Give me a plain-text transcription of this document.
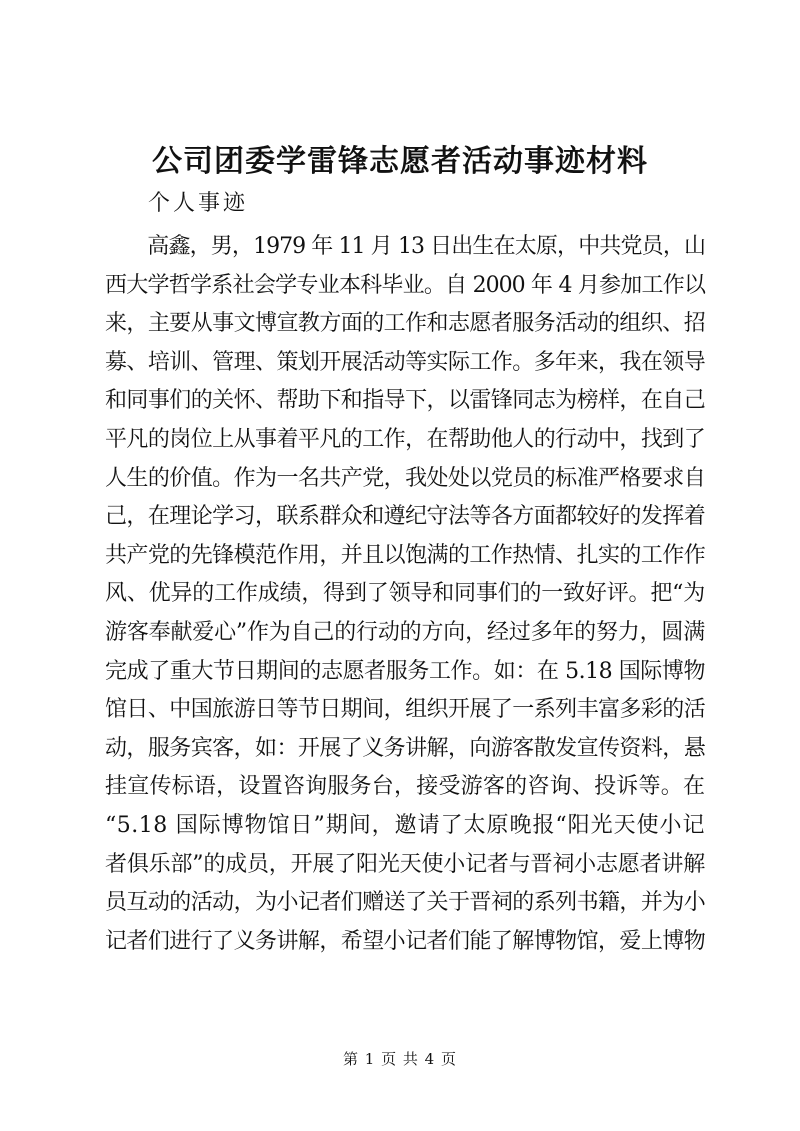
公司团委学雷锋志愿者活动事迹材料
个人事迹
　　高鑫，男，1979 年 11 月 13 日出生在太原，中共党员，山
西大学哲学系社会学专业本科毕业。自 2000 年 4 月参加工作以
来，主要从事文博宣教方面的工作和志愿者服务活动的组织、招
募、培训、管理、策划开展活动等实际工作。多年来，我在领导
和同事们的关怀、帮助下和指导下，以雷锋同志为榜样，在自己
平凡的岗位上从事着平凡的工作，在帮助他人的行动中，找到了
人生的价值。作为一名共产党，我处处以党员的标准严格要求自
己，在理论学习，联系群众和遵纪守法等各方面都较好的发挥着
共产党的先锋模范作用，并且以饱满的工作热情、扎实的工作作
风、优异的工作成绩，得到了领导和同事们的一致好评。把“为
游客奉献爱心”作为自己的行动的方向，经过多年的努力，圆满
完成了重大节日期间的志愿者服务工作。如：在 5.18 国际博物
馆日、中国旅游日等节日期间，组织开展了一系列丰富多彩的活
动，服务宾客，如：开展了义务讲解，向游客散发宣传资料，悬
挂宣传标语，设置咨询服务台，接受游客的咨询、投诉等。在
“5.18 国际博物馆日”期间，邀请了太原晚报“阳光天使小记
者俱乐部”的成员，开展了阳光天使小记者与晋祠小志愿者讲解
员互动的活动，为小记者们赠送了关于晋祠的系列书籍，并为小
记者们进行了义务讲解，希望小记者们能了解博物馆，爱上博物
第 1 页 共 4 页
